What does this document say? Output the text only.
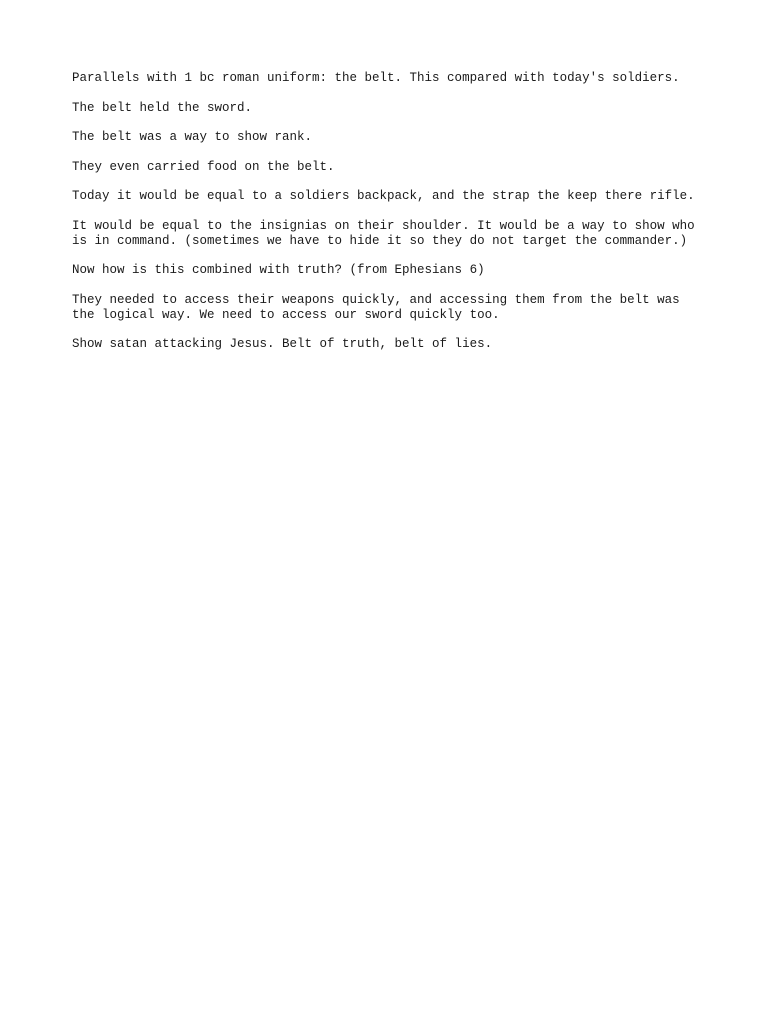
Parallels with 1 bc roman uniform: the belt. This compared with today's soldiers.

The belt held the sword.

The belt was a way to show rank.

They even carried food on the belt.

Today it would be equal to a soldiers backpack, and the strap the keep there rifle.

It would be equal to the insignias on their shoulder. It would be a way to show who
is in command. (sometimes we have to hide it so they do not target the commander.)

Now how is this combined with truth? (from Ephesians 6)

They needed to access their weapons quickly, and accessing them from the belt was
the logical way. We need to access our sword quickly too.

Show satan attacking Jesus. Belt of truth, belt of lies.
